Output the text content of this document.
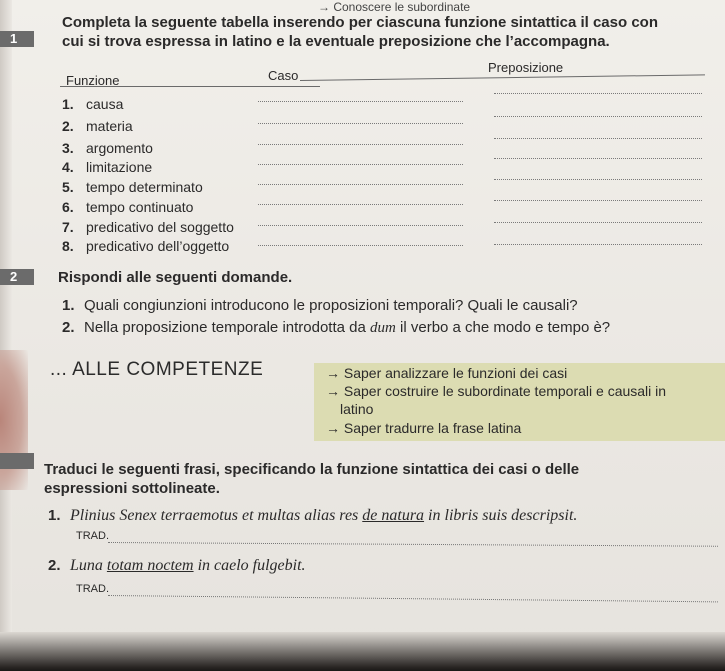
→ Conoscere le subordinate
1
Completa la seguente tabella inserendo per ciascuna funzione sintattica il caso con
cui si trova espressa in latino e la eventuale preposizione che l’accompagna.
Funzione	Caso
Preposizione
1. causa
2. materia
3. argomento
4. limitazione
5. tempo determinato
6. tempo continuato
7. predicativo del soggetto
8. predicativo dell’oggetto
2	Rispondi alle seguenti domande.
1. Quali congiunzioni introducono le proposizioni temporali? Quali le causali?
2. Nella proposizione temporale introdotta da dum il verbo a che modo e tempo è?
... ALLE COMPETENZE	→ Saper analizzare le funzioni dei casi
→ Saper costruire le subordinate temporali e causali in
latino
→ Saper tradurre la frase latina
Traduci le seguenti frasi, specificando la funzione sintattica dei casi o delle
espressioni sottolineate.
1. Plinius Senex terraemotus et multas alias res de natura in libris suis descripsit.
TRAD.
2. Luna totam noctem in caelo fulgebit.
TRAD.
